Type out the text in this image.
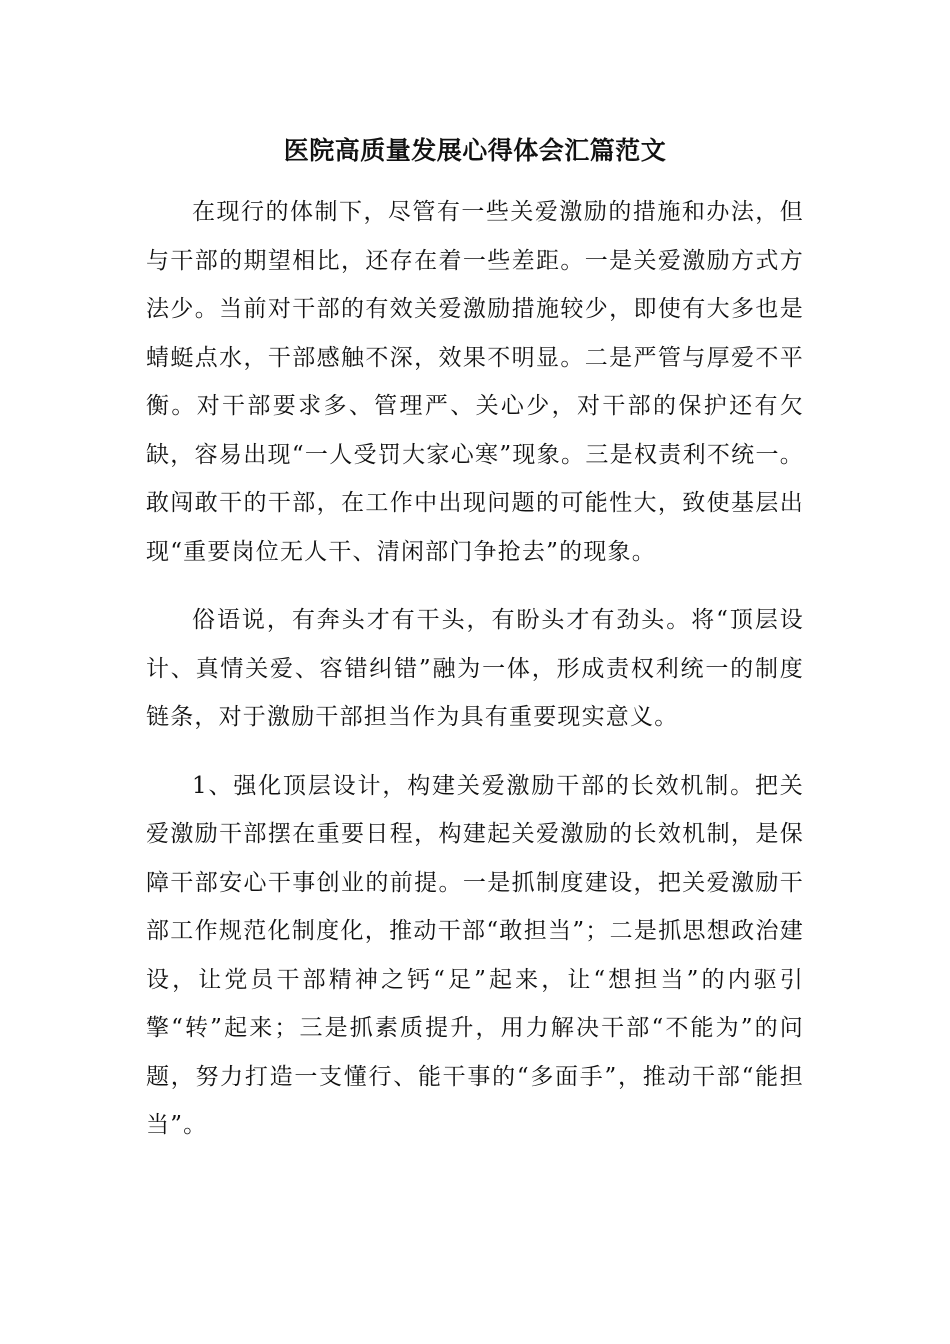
医院高质量发展心得体会汇篇范文

在现行的体制下，尽管有一些关爱激励的措施和办法，但与干部的期望相比，还存在着一些差距。一是关爱激励方式方法少。当前对干部的有效关爱激励措施较少，即使有大多也是蜻蜓点水，干部感触不深，效果不明显。二是严管与厚爱不平衡。对干部要求多、管理严、关心少，对干部的保护还有欠缺，容易出现“一人受罚大家心寒”现象。三是权责利不统一。敢闯敢干的干部，在工作中出现问题的可能性大，致使基层出现“重要岗位无人干、清闲部门争抢去”的现象。

俗语说，有奔头才有干头，有盼头才有劲头。将“顶层设计、真情关爱、容错纠错”融为一体，形成责权利统一的制度链条，对于激励干部担当作为具有重要现实意义。

1、强化顶层设计，构建关爱激励干部的长效机制。把关爱激励干部摆在重要日程，构建起关爱激励的长效机制，是保障干部安心干事创业的前提。一是抓制度建设，把关爱激励干部工作规范化制度化，推动干部“敢担当”；二是抓思想政治建设，让党员干部精神之钙“足”起来，让“想担当”的内驱引擎“转”起来；三是抓素质提升，用力解决干部“不能为”的问题，努力打造一支懂行、能干事的“多面手”，推动干部“能担当”。
